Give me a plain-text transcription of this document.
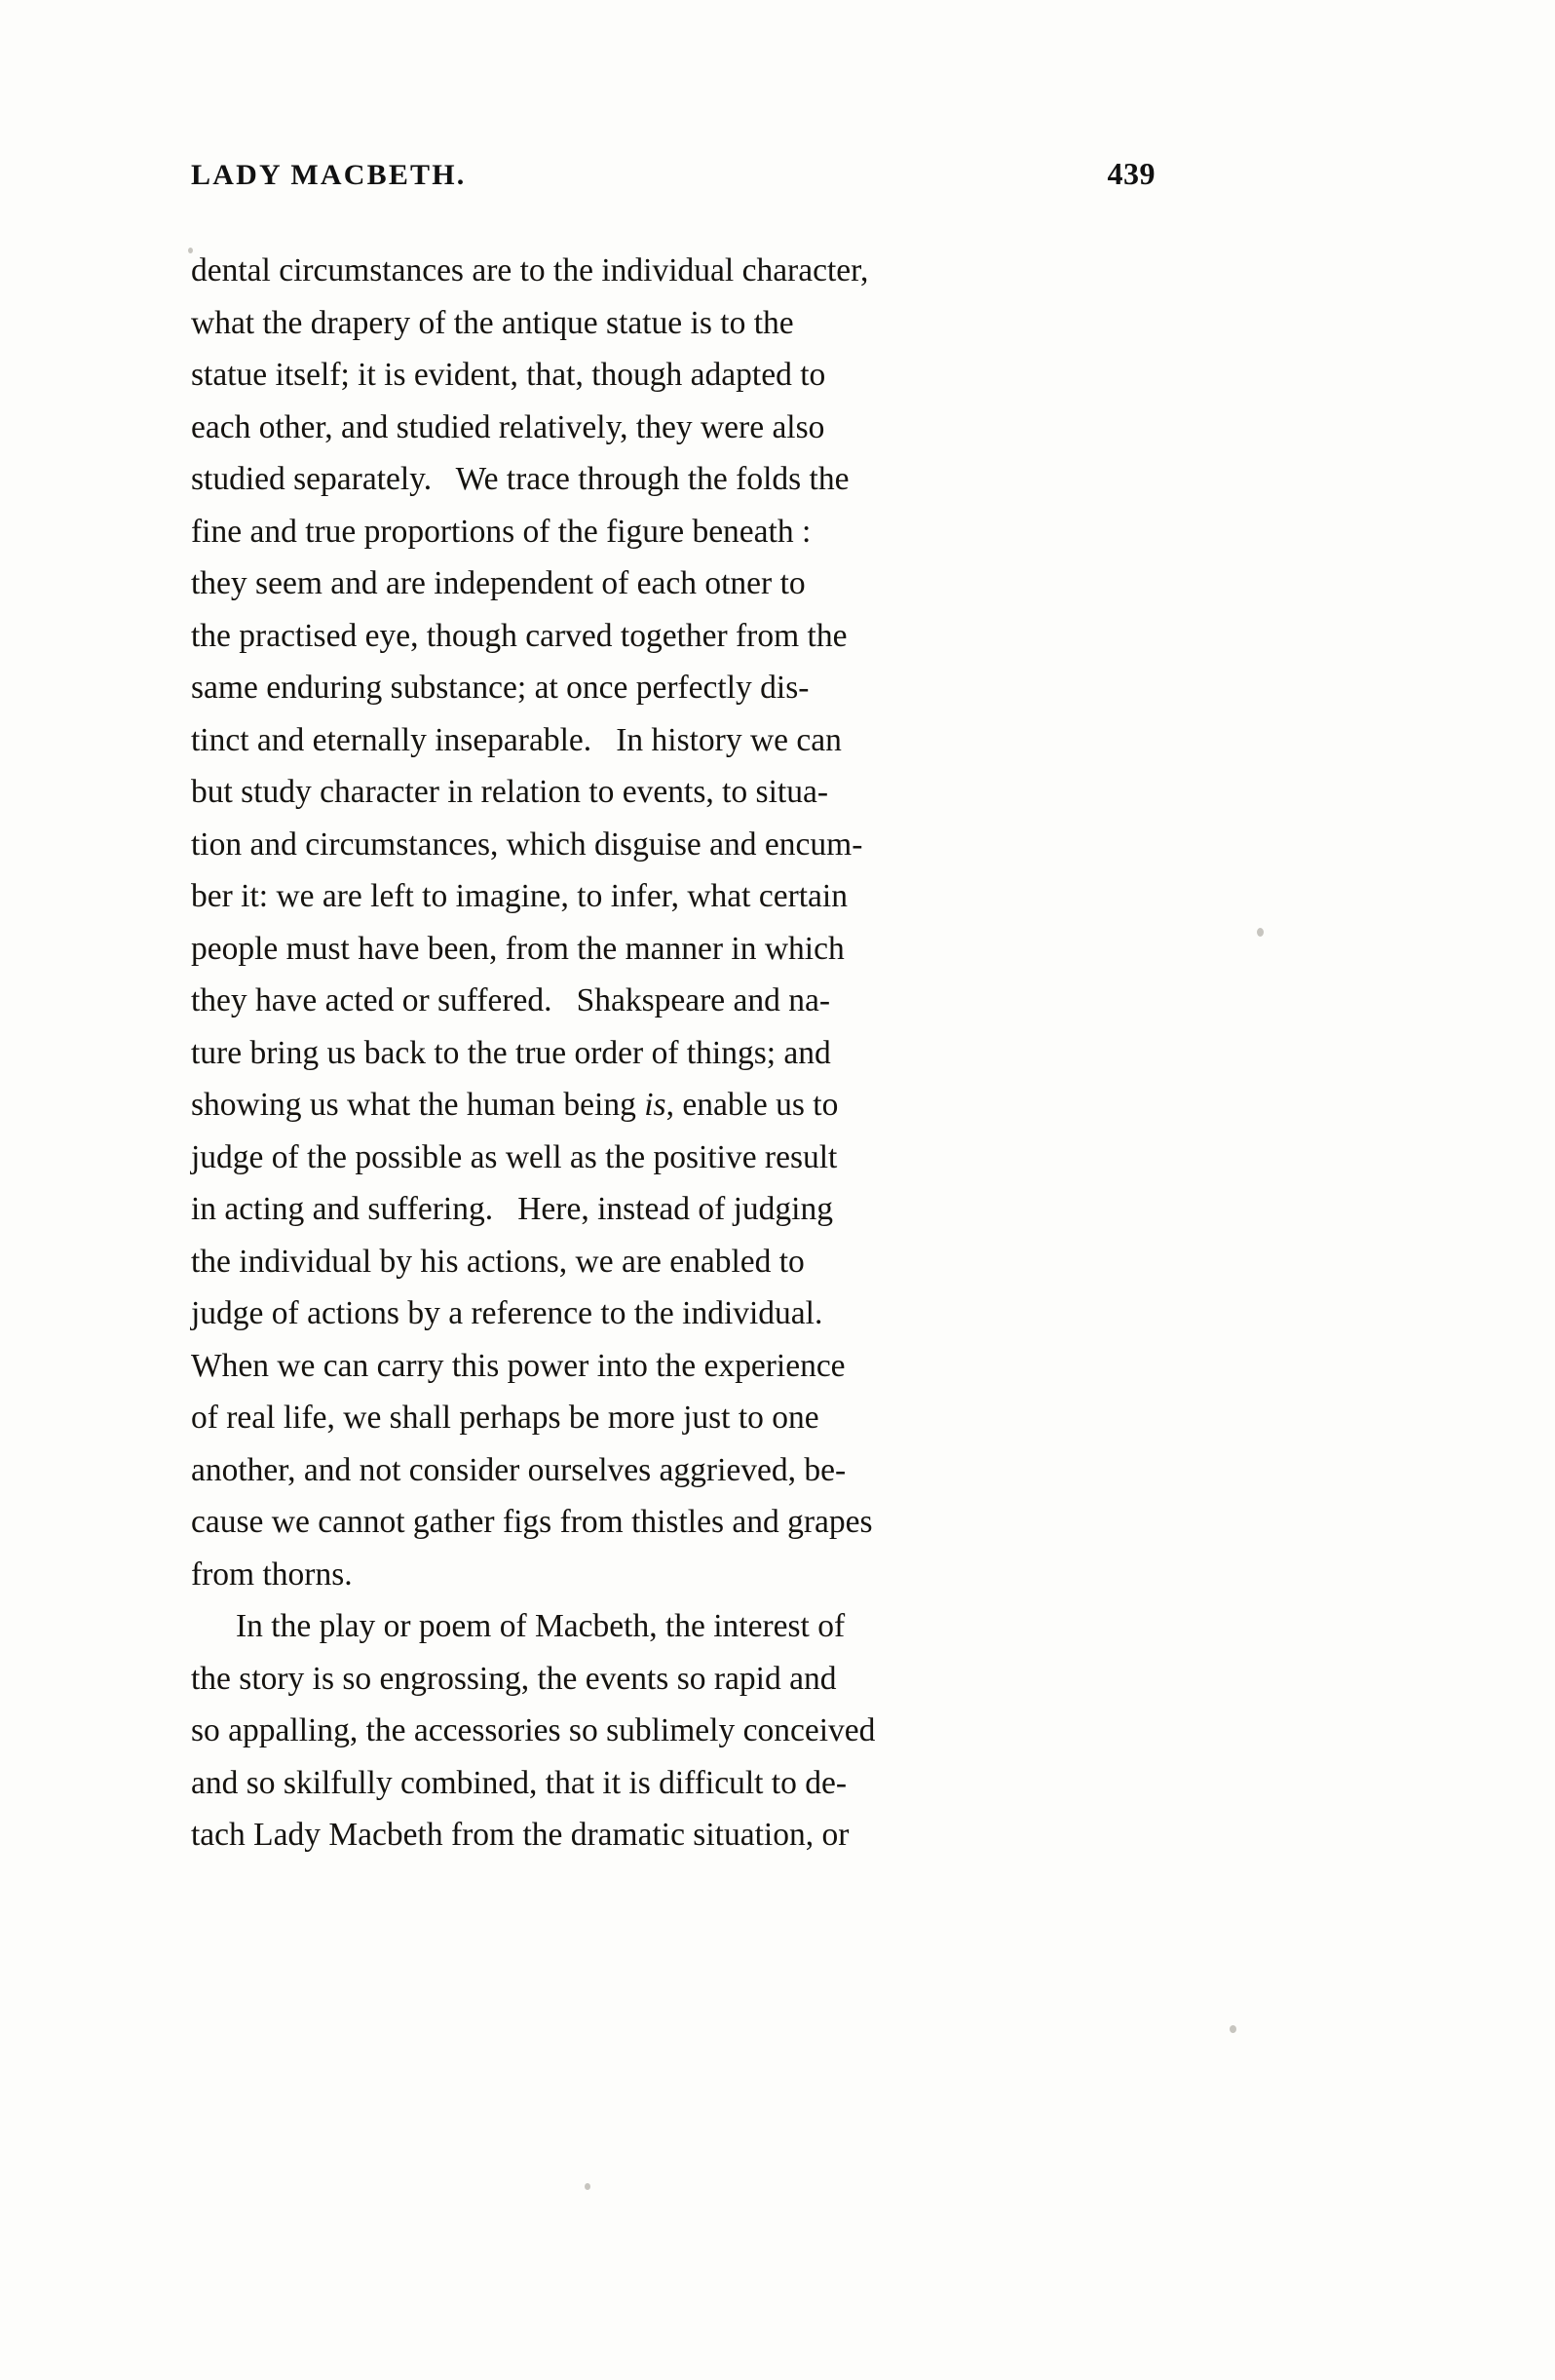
LADY MACBETH.	439

dental circumstances are to the individual character,
what the drapery of the antique statue is to the
statue itself; it is evident, that, though adapted to
each other, and studied relatively, they were also
studied separately.   We trace through the folds the
fine and true proportions of the figure beneath :
they seem and are independent of each otner to
the practised eye, though carved together from the
same enduring substance; at once perfectly dis-
tinct and eternally inseparable.   In history we can
but study character in relation to events, to situa-
tion and circumstances, which disguise and encum-
ber it: we are left to imagine, to infer, what certain
people must have been, from the manner in which
they have acted or suffered.   Shakspeare and na-
ture bring us back to the true order of things; and
showing us what the human being is, enable us to
judge of the possible as well as the positive result
in acting and suffering.   Here, instead of judging
the individual by his actions, we are enabled to
judge of actions by a reference to the individual.
When we can carry this power into the experience
of real life, we shall perhaps be more just to one
another, and not consider ourselves aggrieved, be-
cause we cannot gather figs from thistles and grapes
from thorns.

In the play or poem of Macbeth, the interest of
the story is so engrossing, the events so rapid and
so appalling, the accessories so sublimely conceived
and so skilfully combined, that it is difficult to de-
tach Lady Macbeth from the dramatic situation, or
